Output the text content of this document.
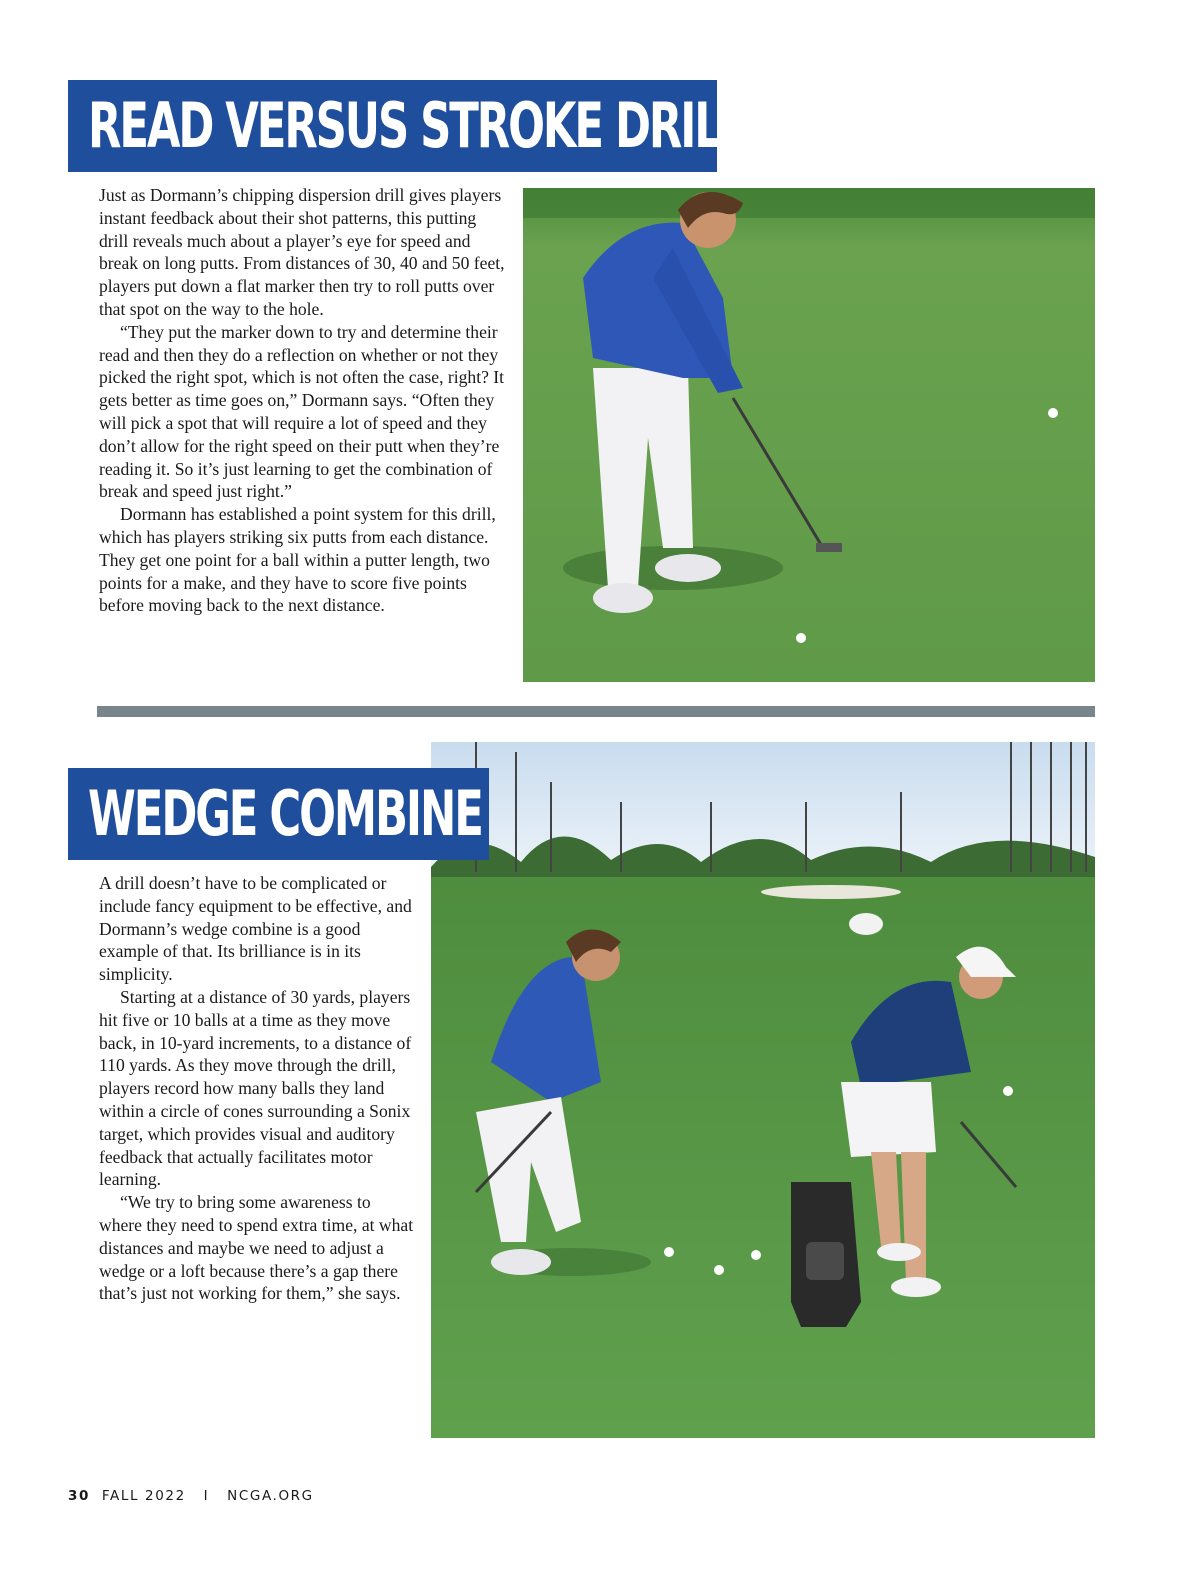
READ VERSUS STROKE DRILL

Just as Dormann’s chipping dispersion drill gives players instant feedback about their shot patterns, this putting drill reveals much about a player’s eye for speed and break on long putts. From distances of 30, 40 and 50 feet, players put down a flat marker then try to roll putts over that spot on the way to the hole.

“They put the marker down to try and determine their read and then they do a reflection on whether or not they picked the right spot, which is not often the case, right? It gets better as time goes on,” Dormann says. “Often they will pick a spot that will require a lot of speed and they don’t allow for the right speed on their putt when they’re reading it. So it’s just learning to get the combination of break and speed just right.”

Dormann has established a point system for this drill, which has players striking six putts from each distance. They get one point for a ball within a putter length, two points for a make, and they have to score five points before moving back to the next distance.

WEDGE COMBINE

A drill doesn’t have to be complicated or include fancy equipment to be effective, and Dormann’s wedge combine is a good example of that. Its brilliance is in its simplicity.

Starting at a distance of 30 yards, players hit five or 10 balls at a time as they move back, in 10-yard increments, to a distance of 110 yards. As they move through the drill, players record how many balls they land within a circle of cones surrounding a Sonix target, which provides visual and auditory feedback that actually facilitates motor learning.

“We try to bring some awareness to where they need to spend extra time, at what distances and maybe we need to adjust a wedge or a loft because there’s a gap there that’s just not working for them,” she says.

30 FALL 2022 I NCGA.ORG
